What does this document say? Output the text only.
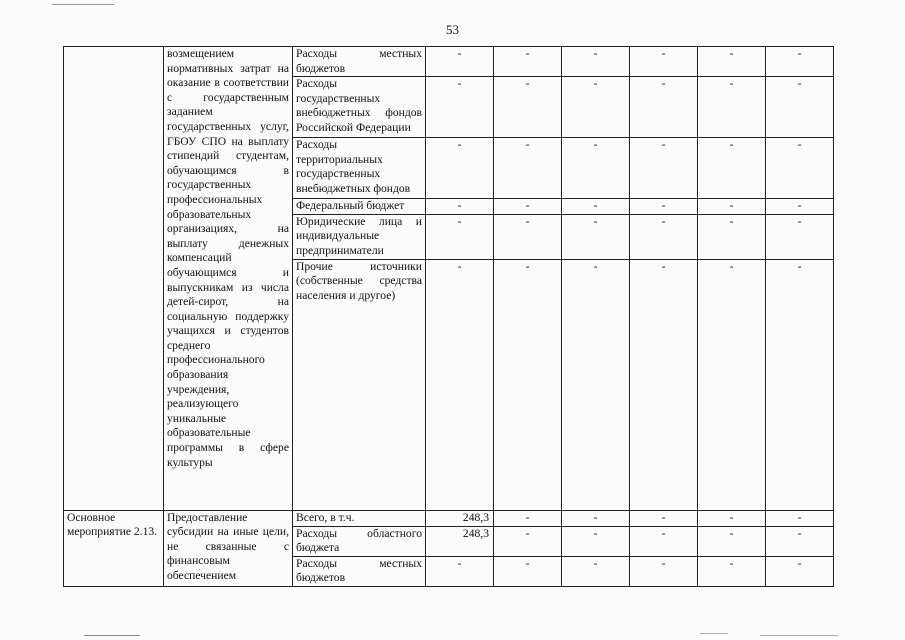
53
	возмещением нормативных затрат на оказание в соответствии с государственным заданием государственных услуг, ГБОУ СПО на выплату стипендий студентам, обучающимся в государственных профессиональных образовательных организациях, на выплату денежных компенсаций обучающимся и выпускникам из числа детей-сирот, на социальную поддержку учащихся и студентов среднего профессионального образования учреждения, реализующего уникальные образовательные программы в сфере культуры	Расходы местных бюджетов	-	-	-	-	-	-
		Расходы государственных внебюджетных фондов Российской Федерации	-	-	-	-	-	-
		Расходы территориальных государственных внебюджетных фондов	-	-	-	-	-	-
		Федеральный бюджет	-	-	-	-	-	-
		Юридические лица и индивидуальные предприниматели	-	-	-	-	-	-
		Прочие источники (собственные средства населения и другое)	-	-	-	-	-	-
Основное мероприятие 2.13.	Предоставление субсидии на иные цели, не связанные с финансовым обеспечением	Всего, в т.ч.	248,3	-	-	-	-	-
		Расходы областного бюджета	248,3	-	-	-	-	-
		Расходы местных бюджетов	-	-	-	-	-	-
